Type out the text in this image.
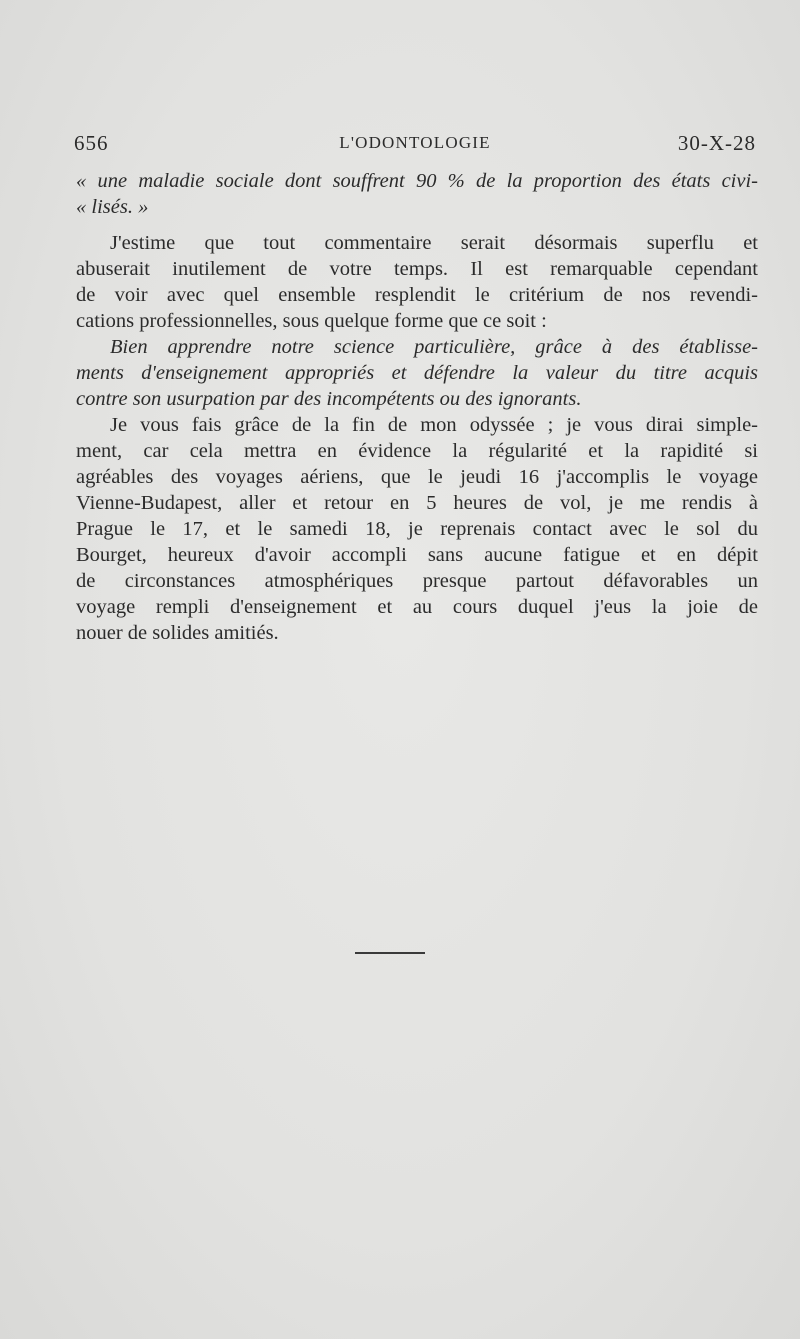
656	L'ODONTOLOGIE	30-X-28
« une maladie sociale dont souffrent 90 % de la proportion des états civi-
« lisés. »
J'estime que tout commentaire serait désormais superflu et
abuserait inutilement de votre temps. Il est remarquable cependant
de voir avec quel ensemble resplendit le critérium de nos revendi-
cations professionnelles, sous quelque forme que ce soit :
Bien apprendre notre science particulière, grâce à des établisse-
ments d'enseignement appropriés et défendre la valeur du titre acquis
contre son usurpation par des incompétents ou des ignorants.
Je vous fais grâce de la fin de mon odyssée ; je vous dirai simple-
ment, car cela mettra en évidence la régularité et la rapidité si
agréables des voyages aériens, que le jeudi 16 j'accomplis le voyage
Vienne-Budapest, aller et retour en 5 heures de vol, je me rendis à
Prague le 17, et le samedi 18, je reprenais contact avec le sol du
Bourget, heureux d'avoir accompli sans aucune fatigue et en dépit
de circonstances atmosphériques presque partout défavorables un
voyage rempli d'enseignement et au cours duquel j'eus la joie de
nouer de solides amitiés.
